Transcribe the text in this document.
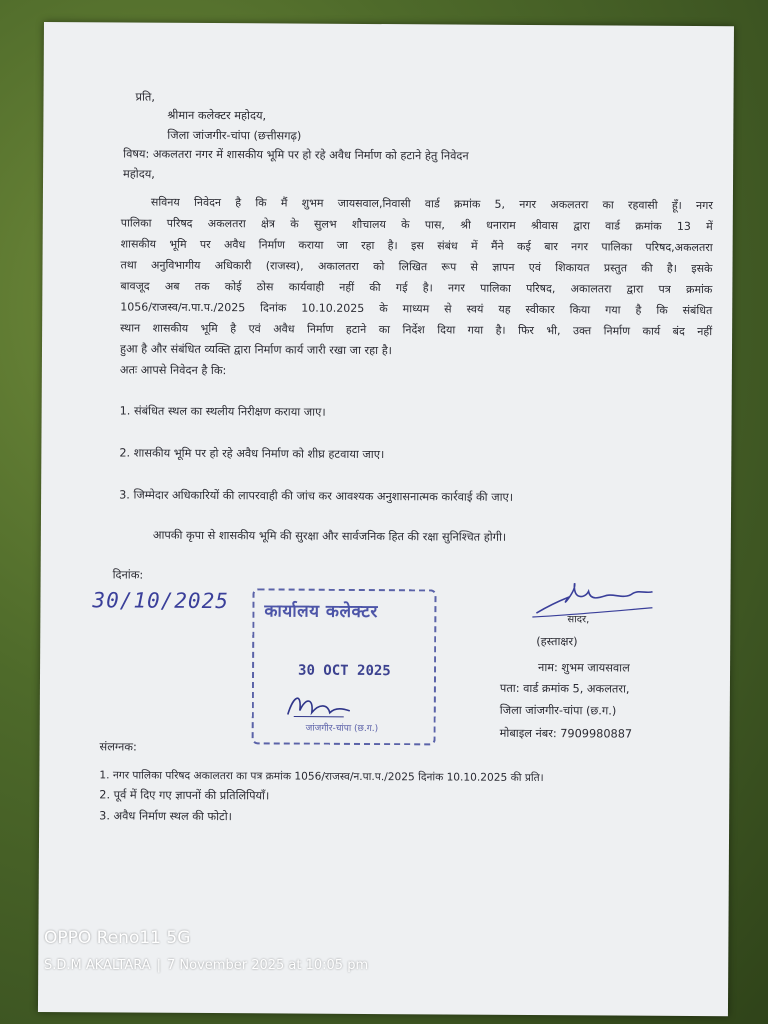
प्रति,
श्रीमान कलेक्टर महोदय,
जिला जांजगीर-चांपा (छत्तीसगढ़)
विषय: अकलतरा नगर में शासकीय भूमि पर हो रहे अवैध निर्माण को हटाने हेतु निवेदन
महोदय,
सविनय निवेदन है कि मैं शुभम जायसवाल,निवासी वार्ड क्रमांक 5, नगर अकलतरा का रहवासी हूँ। नगर
पालिका परिषद अकलतरा क्षेत्र के सुलभ शौचालय के पास, श्री धनाराम श्रीवास द्वारा वार्ड क्रमांक 13 में
शासकीय भूमि पर अवैध निर्माण कराया जा रहा है। इस संबंध में मैंने कई बार नगर पालिका परिषद,अकलतरा
तथा अनुविभागीय अधिकारी (राजस्व), अकालतरा को लिखित रूप से ज्ञापन एवं शिकायत प्रस्तुत की है। इसके
बावजूद अब तक कोई ठोस कार्यवाही नहीं की गई है। नगर पालिका परिषद, अकालतरा द्वारा पत्र क्रमांक
1056/राजस्व/न.पा.प./2025 दिनांक 10.10.2025 के माध्यम से स्वयं यह स्वीकार किया गया है कि संबंधित
स्थान शासकीय भूमि है एवं अवैध निर्माण हटाने का निर्देश दिया गया है। फिर भी, उक्त निर्माण कार्य बंद नहीं
हुआ है और संबंधित व्यक्ति द्वारा निर्माण कार्य जारी रखा जा रहा है।
अतः आपसे निवेदन है कि:
1. संबंधित स्थल का स्थलीय निरीक्षण कराया जाए।
2. शासकीय भूमि पर हो रहे अवैध निर्माण को शीघ्र हटवाया जाए।
3. जिम्मेदार अधिकारियों की लापरवाही की जांच कर आवश्यक अनुशासनात्मक कार्रवाई की जाए।
आपकी कृपा से शासकीय भूमि की सुरक्षा और सार्वजनिक हित की रक्षा सुनिश्चित होगी।
दिनांक:
30/10/2025 कार्यालय कलेक्टर
30 OCT 2025
जांजगीर-चांपा (छ.ग.)
सादर,
(हस्ताक्षर)
नाम: शुभम जायसवाल
पता: वार्ड क्रमांक 5, अकलतरा,
जिला जांजगीर-चांपा (छ.ग.)
मोबाइल नंबर: 7909980887
संलग्नक:
1. नगर पालिका परिषद अकालतरा का पत्र क्रमांक 1056/राजस्व/न.पा.प./2025 दिनांक 10.10.2025 की प्रति।
2. पूर्व में दिए गए ज्ञापनों की प्रतिलिपियाँ।
3. अवैध निर्माण स्थल की फोटो।
OPPO Reno11 5G
S.D.M AKALTARA | 7 November 2025 at 10:05 pm
